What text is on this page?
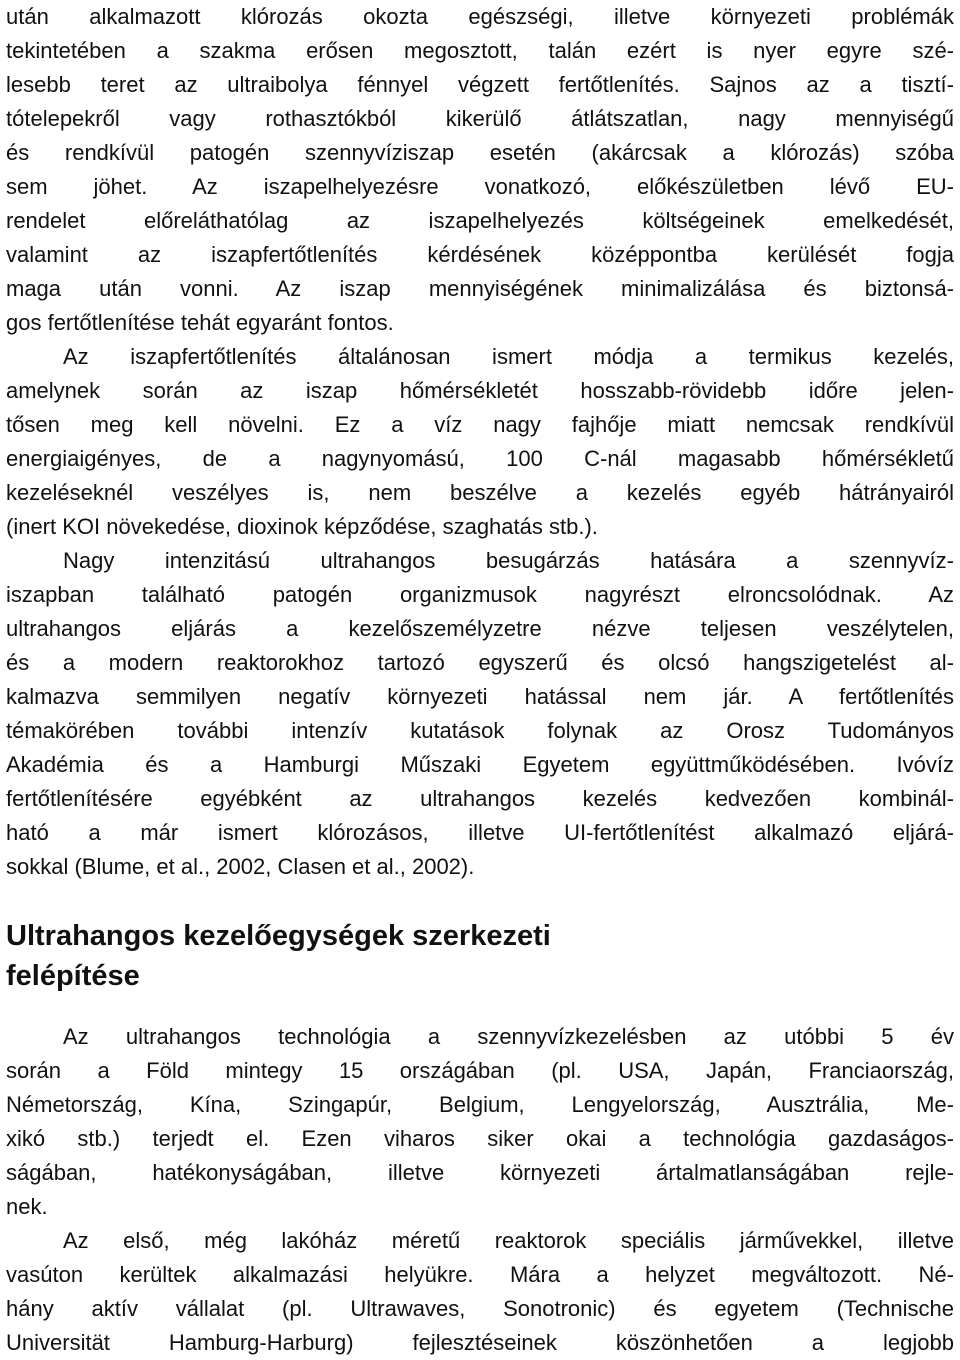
után alkalmazott klórozás okozta egészségi, illetve környezeti problémák
tekintetében a szakma erősen megosztott, talán ezért is nyer egyre szé-
lesebb teret az ultraibolya fénnyel végzett fertőtlenítés. Sajnos az a tisztí-
tótelepekről vagy rothasztókból kikerülő átlátszatlan, nagy mennyiségű
és rendkívül patogén szennyvíziszap esetén (akárcsak a klórozás) szóba
sem jöhet. Az iszapelhelyezésre vonatkozó, előkészületben lévő EU-
rendelet előreláthatólag az iszapelhelyezés költségeinek emelkedését,
valamint az iszapfertőtlenítés kérdésének középpontba kerülését fogja
maga után vonni. Az iszap mennyiségének minimalizálása és biztonsá-
gos fertőtlenítése tehát egyaránt fontos.
Az iszapfertőtlenítés általánosan ismert módja a termikus kezelés,
amelynek során az iszap hőmérsékletét hosszabb-rövidebb időre jelen-
tősen meg kell növelni. Ez a víz nagy fajhője miatt nemcsak rendkívül
energiaigényes, de a nagynyomású, 100 C-nál magasabb hőmérsékletű
kezeléseknél veszélyes is, nem beszélve a kezelés egyéb hátrányairól
(inert KOI növekedése, dioxinok képződése, szaghatás stb.).
Nagy intenzitású ultrahangos besugárzás hatására a szennyvíz-
iszapban található patogén organizmusok nagyrészt elroncsolódnak. Az
ultrahangos eljárás a kezelőszemélyzetre nézve teljesen veszélytelen,
és a modern reaktorokhoz tartozó egyszerű és olcsó hangszigetelést al-
kalmazva semmilyen negatív környezeti hatással nem jár. A fertőtlenítés
témakörében további intenzív kutatások folynak az Orosz Tudományos
Akadémia és a Hamburgi Műszaki Egyetem együttműködésében. Ivóvíz
fertőtlenítésére egyébként az ultrahangos kezelés kedvezően kombinál-
ható a már ismert klórozásos, illetve UI-fertőtlenítést alkalmazó eljárá-
sokkal (Blume, et al., 2002, Clasen et al., 2002).
Ultrahangos kezelőegységek szerkezeti
felépítése
Az ultrahangos technológia a szennyvízkezelésben az utóbbi 5 év
során a Föld mintegy 15 országában (pl. USA, Japán, Franciaország,
Németország, Kína, Szingapúr, Belgium, Lengyelország, Ausztrália, Me-
xikó stb.) terjedt el. Ezen viharos siker okai a technológia gazdaságos-
ságában, hatékonyságában, illetve környezeti ártalmatlanságában rejle-
nek.
Az első, még lakóház méretű reaktorok speciális járművekkel, illetve
vasúton kerültek alkalmazási helyükre. Mára a helyzet megváltozott. Né-
hány aktív vállalat (pl. Ultrawaves, Sonotronic) és egyetem (Technische
Universität Hamburg-Harburg) fejlesztéseinek köszönhetően a legjobb
